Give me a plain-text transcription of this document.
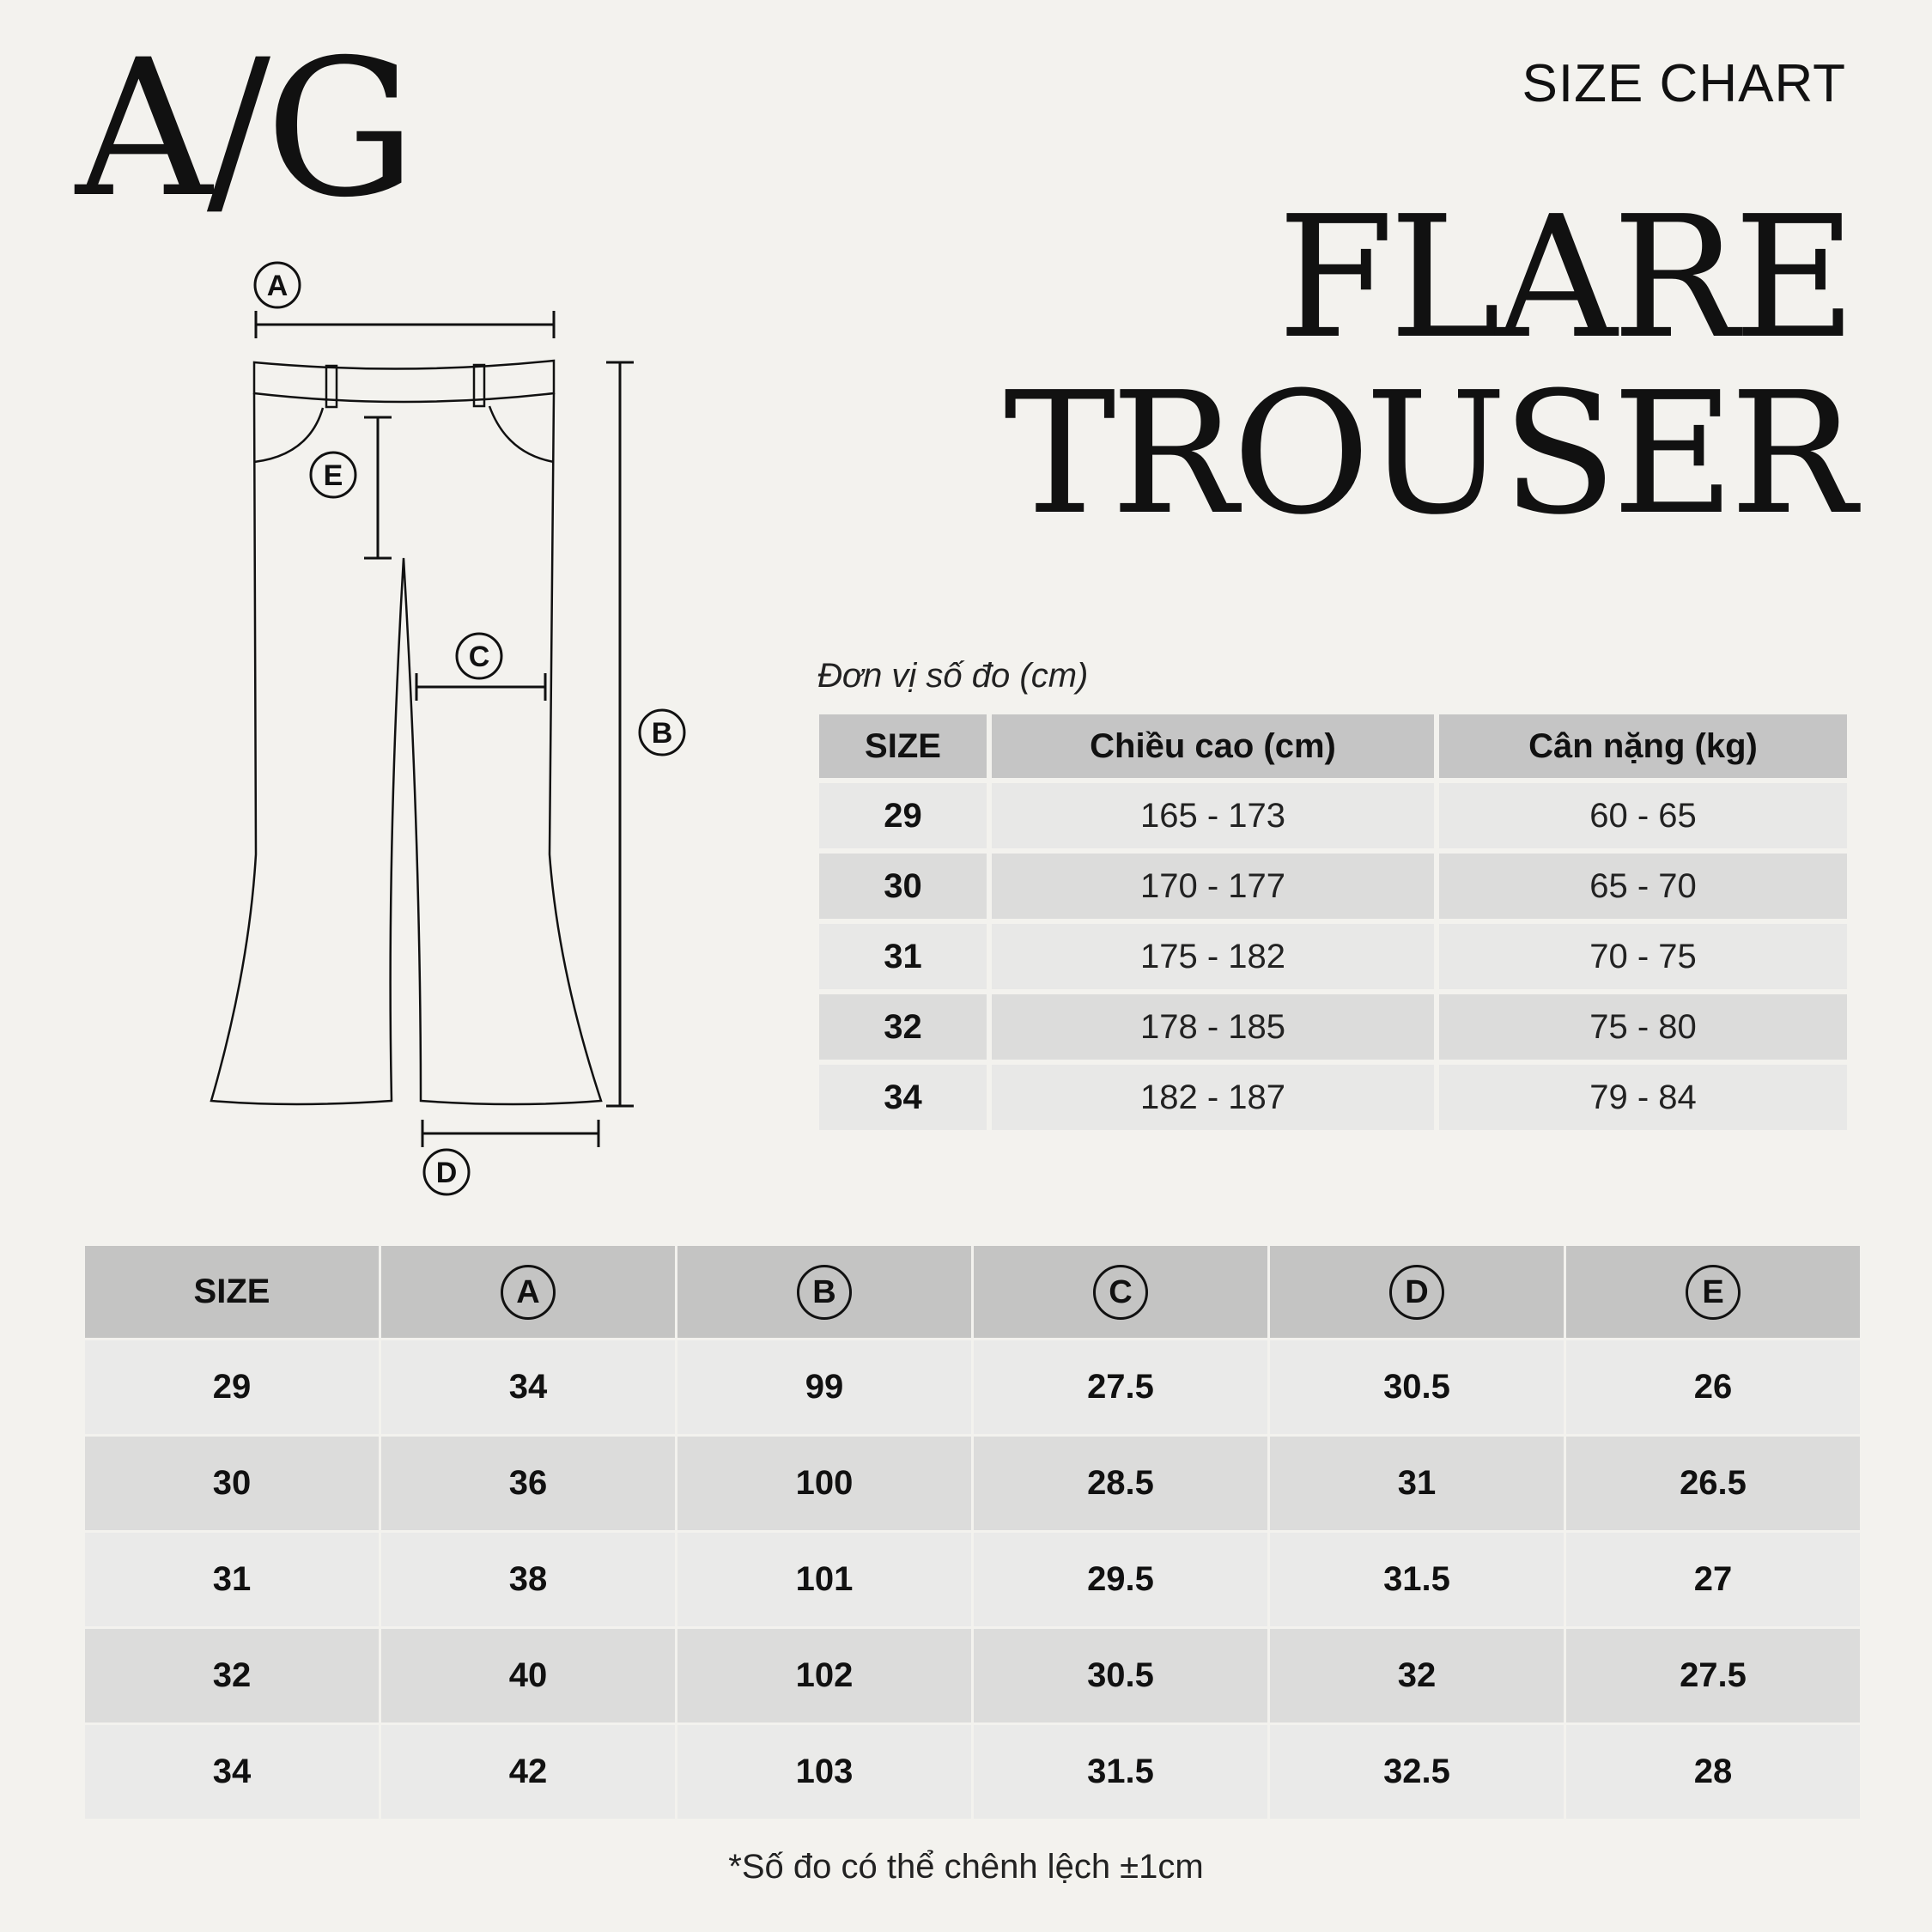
A/G	SIZE CHART
FLARE
TROUSER
A
B
C
D
E
Đơn vị số đo (cm)
SIZE	Chiều cao (cm)	Cân nặng (kg)
29	165 - 173	60 - 65
30	170 - 177	65 - 70
31	175 - 182	70 - 75
32	178 - 185	75 - 80
34	182 - 187	79 - 84
SIZE	A	B	C	D	E
29	34	99	27.5	30.5	26
30	36	100	28.5	31	26.5
31	38	101	29.5	31.5	27
32	40	102	30.5	32	27.5
34	42	103	31.5	32.5	28
*Số đo có thể chênh lệch ±1cm
